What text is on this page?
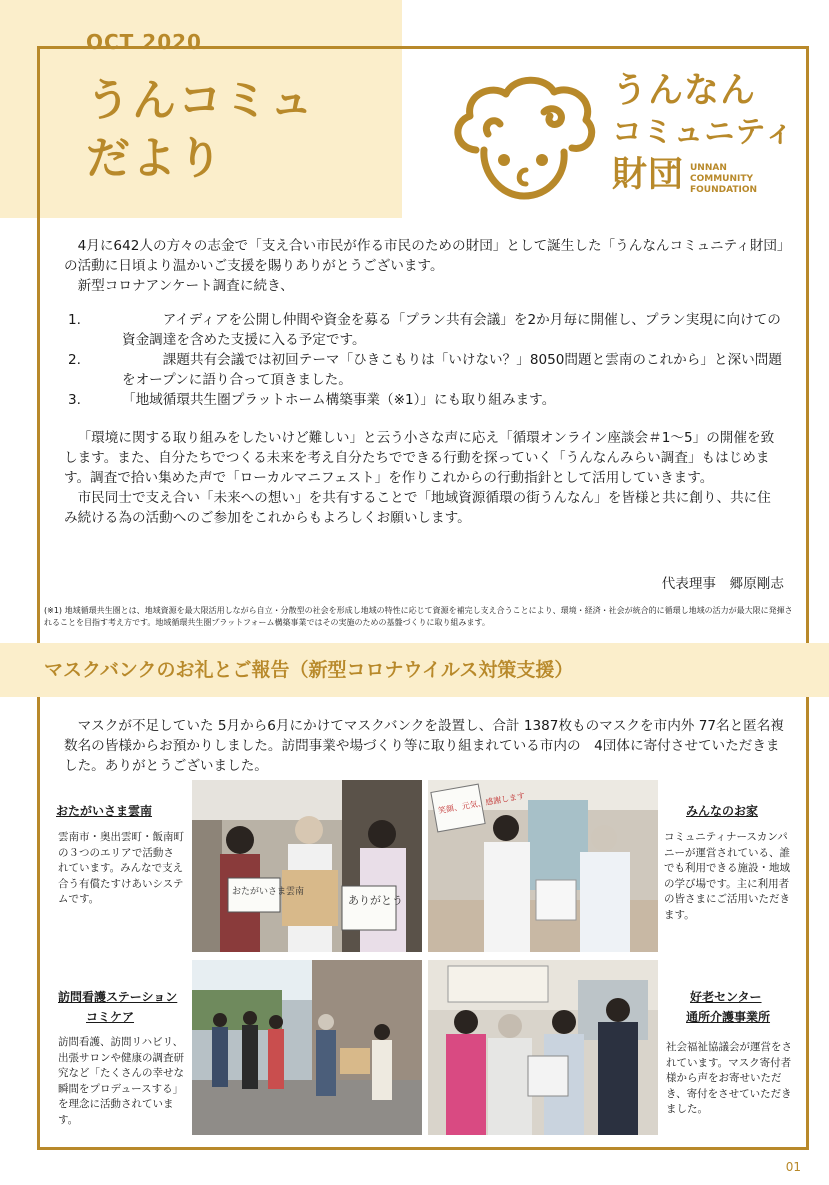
OCT 2020
うんコミュ
だより
うんなん
コミュニティ
財団 UNNAN
COMMUNITY
FOUNDATION

4月に642人の方々の志金で「支え合い市民が作る市民のための財団」として誕生した「うんなんコミュニティ財団」の活動に日頃より温かいご支援を賜りありがとうございます。

新型コロナアンケート調査に続き、

1.	アイディアを公開し仲間や資金を募る「プラン共有会議」を2か月毎に開催し、プラン実現に向けての資金調達を含めた支援に入る予定です。
2.	課題共有会議では初回テーマ「ひきこもりは「いけない？」8050問題と雲南のこれから」と深い問題をオープンに語り合って頂きました。
3.	「地域循環共生圏プラットホーム構築事業（※1）」にも取り組みます。

「環境に関する取り組みをしたいけど難しい」と云う小さな声に応え「循環オンライン座談会＃1～5」の開催を致します。また、自分たちでつくる未来を考え自分たちでできる行動を探っていく「うんなんみらい調査」もはじめます。調査で拾い集めた声で「ローカルマニフェスト」を作りこれからの行動指針として活用していきます。

市民同士で支え合い「未来への想い」を共有することで「地域資源循環の街うんなん」を皆様と共に創り、共に住み続ける為の活動へのご参加をこれからもよろしくお願いします。

代表理事　郷原剛志
(※1) 地域循環共生圏とは、地域資源を最大限活用しながら自立・分散型の社会を形成し地域の特性に応じて資源を補完し支え合うことにより、環境・経済・社会が統合的に循環し地域の活力が最大限に発揮されることを目指す考え方です。地域循環共生圏プラットフォーム構築事業ではその実施のための基盤づくりに取り組みます。
マスクバンクのお礼とご報告（新型コロナウイルス対策支援）

マスクが不足していた 5月から6月にかけてマスクバンクを設置し、合計 1387枚ものマスクを市内外 77名と匿名複数名の皆様からお預かりしました。訪問事業や場づくり等に取り組まれている市内の　4団体に寄付させていただきました。ありがとうございました。

おたがいさま雲南
雲南市・奥出雲町・飯南町の３つのエリアで活動されています。みんなで支え合う有償たすけあいシステムです。
みんなのお家
コミュニティナースカンパニーが運営されている、誰でも利用できる施設・地域の学び場です。主に利用者の皆さまにご活用いただきます。
訪問看護ステーション
コミケア
訪問看護、訪問リハビリ、出張サロンや健康の調査研究など「たくさんの幸せな瞬間をプロデュースする」を理念に活動されています。
好老センター
通所介護事業所
社会福祉協議会が運営をされています。マスク寄付者様から声をお寄せいただき、寄付をさせていただきました。
おたがいさま雲南
ありがとう
笑顔、元気、感謝します
01
